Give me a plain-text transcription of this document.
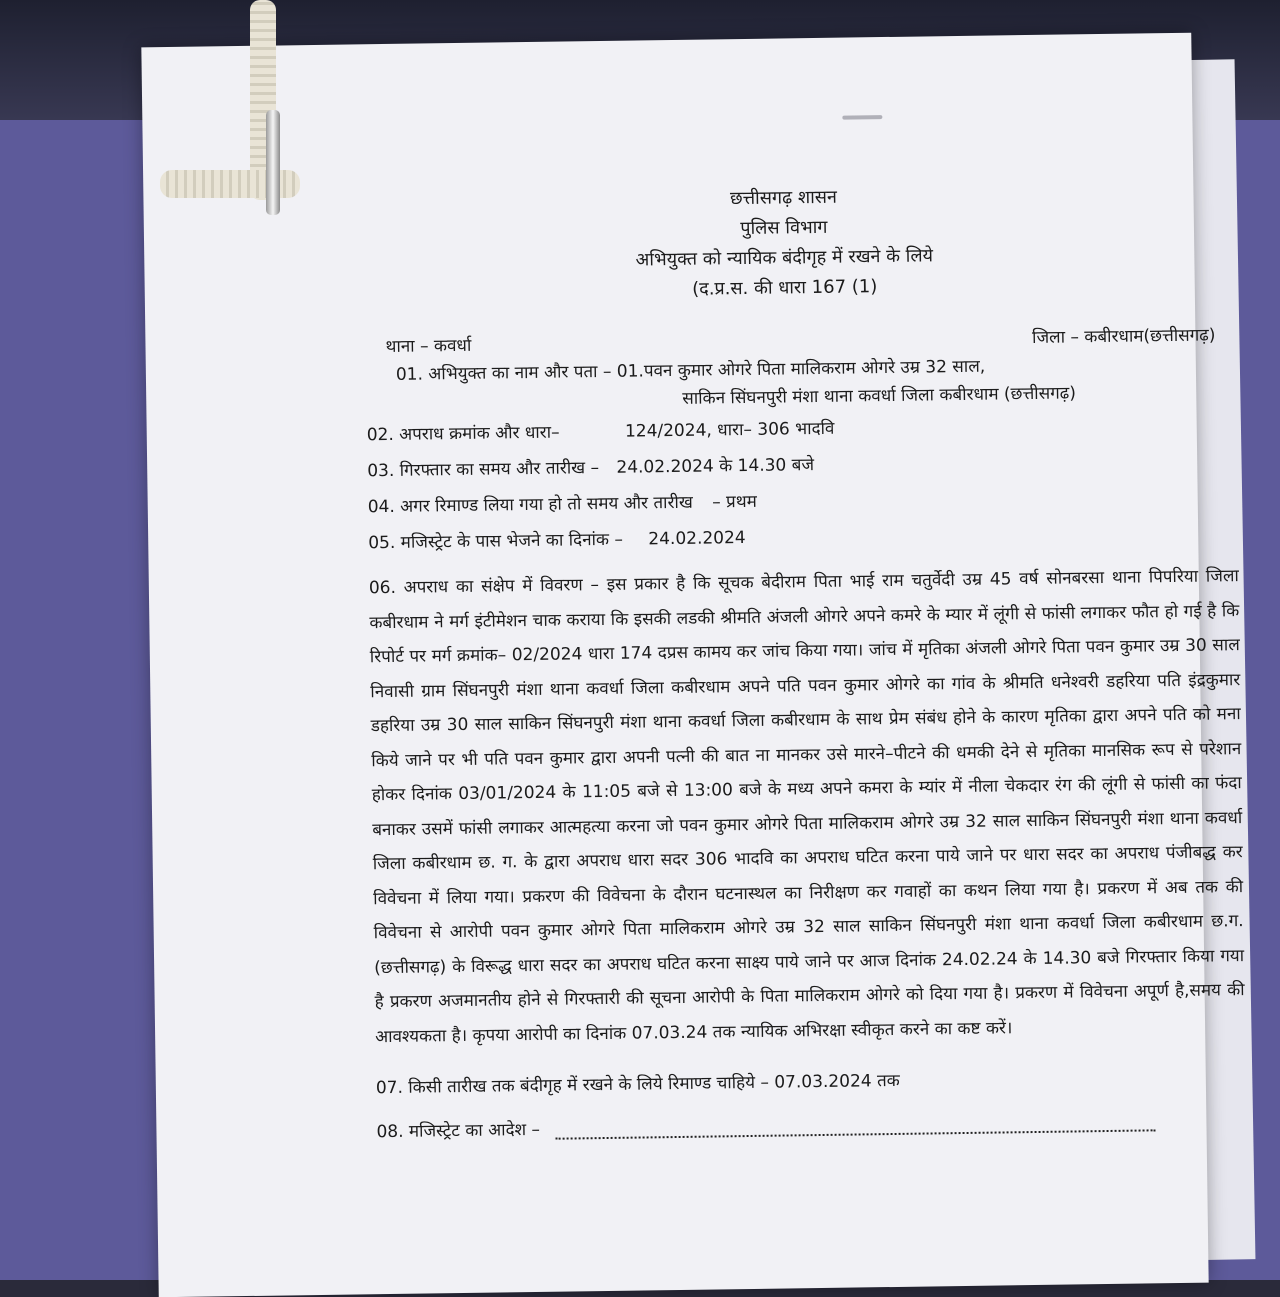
छत्तीसगढ़ शासन
पुलिस विभाग
अभियुक्त को न्यायिक बंदीगृह में रखने के लिये
(द.प्र.स. की धारा 167 (1)
थाना – कवर्धा	जिला – कबीरधाम(छत्तीसगढ़)
01. अभियुक्त का नाम और पता – 01.पवन कुमार ओगरे पिता मालिकराम ओगरे उम्र 32 साल,
साकिन सिंघनपुरी मंशा थाना कवर्धा जिला कबीरधाम (छत्तीसगढ़)
02. अपराध क्रमांक और धारा–	124/2024, धारा– 306 भादवि
03. गिरफ्तार का समय और तारीख – 24.02.2024 के 14.30 बजे
04. अगर रिमाण्ड लिया गया हो तो समय और तारीख – प्रथम
05. मजिस्ट्रेट के पास भेजने का दिनांक – 24.02.2024
06. अपराध का संक्षेप में विवरण – इस प्रकार है कि सूचक बेदीराम पिता भाई राम चतुर्वेदी उम्र 45 वर्ष सोनबरसा थाना पिपरिया जिला कबीरधाम ने मर्ग इंटीमेशन चाक कराया कि इसकी लडकी श्रीमति अंजली ओगरे अपने कमरे के म्यार में लूंगी से फांसी लगाकर फौत हो गई है कि रिपोर्ट पर मर्ग क्रमांक– 02/2024 धारा 174 दप्रस कामय कर जांच किया गया। जांच में मृतिका अंजली ओगरे पिता पवन कुमार उम्र 30 साल निवासी ग्राम सिंघनपुरी मंशा थाना कवर्धा जिला कबीरधाम अपने पति पवन कुमार ओगरे का गांव के श्रीमति धनेश्वरी डहरिया पति इंद्रकुमार डहरिया उम्र 30 साल साकिन सिंघनपुरी मंशा थाना कवर्धा जिला कबीरधाम के साथ प्रेम संबंध होने के कारण मृतिका द्वारा अपने पति को मना किये जाने पर भी पति पवन कुमार द्वारा अपनी पत्नी की बात ना मानकर उसे मारने–पीटने की धमकी देने से मृतिका मानसिक रूप से परेशान होकर दिनांक 03/01/2024 के 11:05 बजे से 13:00 बजे के मध्य अपने कमरा के म्यांर में नीला चेकदार रंग की लूंगी से फांसी का फंदा बनाकर उसमें फांसी लगाकर आत्महत्या करना जो पवन कुमार ओगरे पिता मालिकराम ओगरे उम्र 32 साल साकिन सिंघनपुरी मंशा थाना कवर्धा जिला कबीरधाम छ. ग. के द्वारा अपराध धारा सदर 306 भादवि का अपराध घटित करना पाये जाने पर धारा सदर का अपराध पंजीबद्ध कर विवेचना में लिया गया। प्रकरण की विवेचना के दौरान घटनास्थल का निरीक्षण कर गवाहों का कथन लिया गया है। प्रकरण में अब तक की विवेचना से आरोपी पवन कुमार ओगरे पिता मालिकराम ओगरे उम्र 32 साल साकिन सिंघनपुरी मंशा थाना कवर्धा जिला कबीरधाम छ.ग. (छत्तीसगढ़) के विरूद्ध धारा सदर का अपराध घटित करना साक्ष्य पाये जाने पर आज दिनांक 24.02.24 के 14.30 बजे गिरफ्तार किया गया है प्रकरण अजमानतीय होने से गिरफ्तारी की सूचना आरोपी के पिता मालिकराम ओगरे को दिया गया है। प्रकरण में विवेचना अपूर्ण है,समय की आवश्यकता है। कृपया आरोपी का दिनांक 07.03.24 तक न्यायिक अभिरक्षा स्वीकृत करने का कष्ट करें।
07. किसी तारीख तक बंदीगृह में रखने के लिये रिमाण्ड चाहिये – 07.03.2024 तक
08. मजिस्ट्रेट का आदेश –
